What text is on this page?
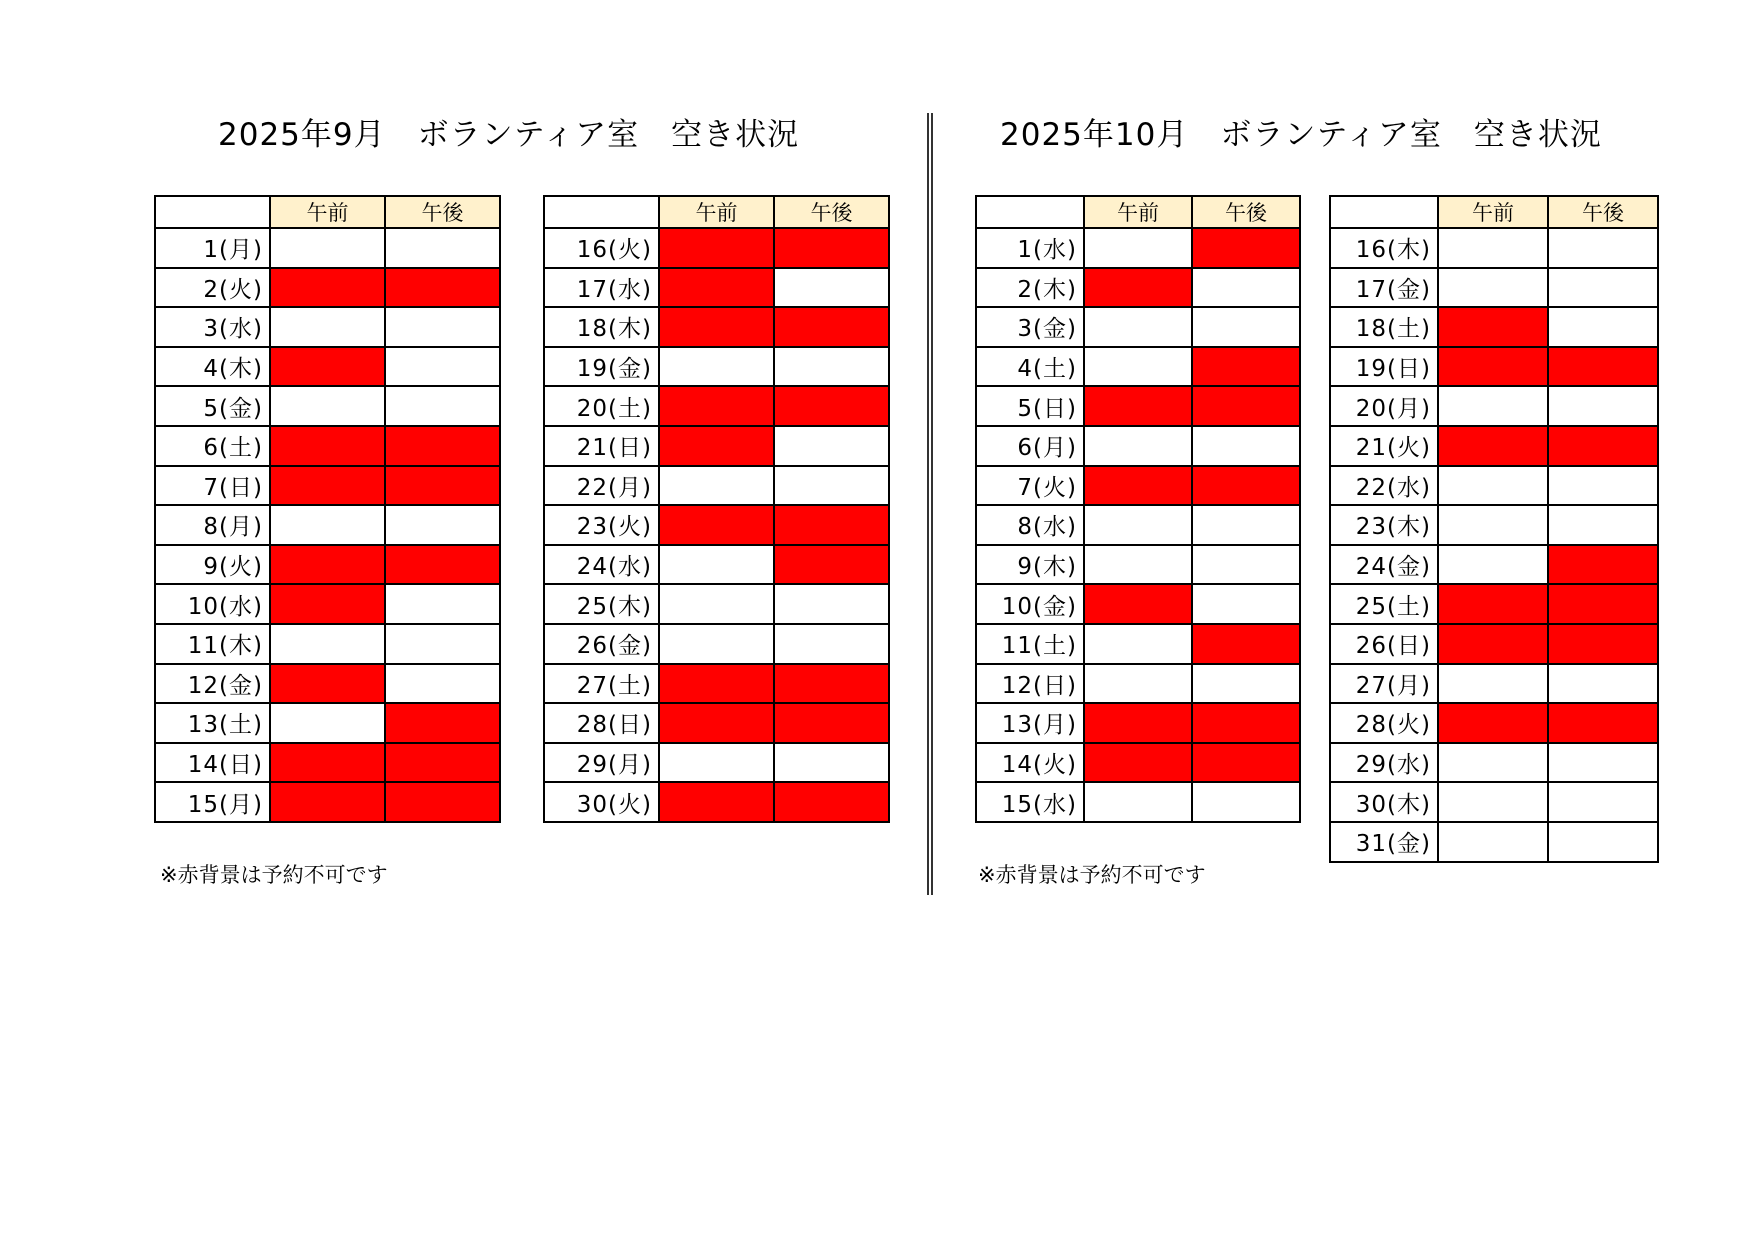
2025年9月　ボランティア室　空き状況	2025年10月　ボランティア室　空き状況
	午前	午後
1(月)		
2(火)		
3(水)		
4(木)		
5(金)		
6(土)		
7(日)		
8(月)		
9(火)		
10(水)		
11(木)		
12(金)		
13(土)		
14(日)		
15(月)		
	午前	午後
16(火)		
17(水)		
18(木)		
19(金)		
20(土)		
21(日)		
22(月)		
23(火)		
24(水)		
25(木)		
26(金)		
27(土)		
28(日)		
29(月)		
30(火)		
	午前	午後
1(水)		
2(木)		
3(金)		
4(土)		
5(日)		
6(月)		
7(火)		
8(水)		
9(木)		
10(金)		
11(土)		
12(日)		
13(月)		
14(火)		
15(水)		
	午前	午後
16(木)		
17(金)		
18(土)		
19(日)		
20(月)		
21(火)		
22(水)		
23(木)		
24(金)		
25(土)		
26(日)		
27(月)		
28(火)		
29(水)		
30(木)		
31(金)		
※赤背景は予約不可です	※赤背景は予約不可です
